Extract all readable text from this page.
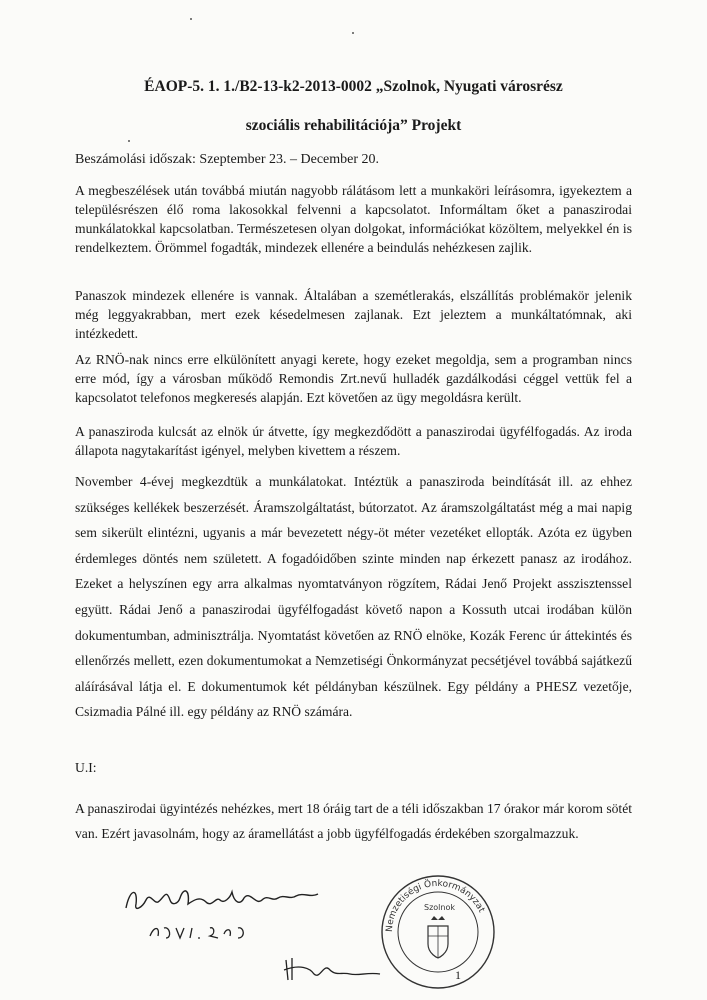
ÉAOP-5. 1. 1./B2-13-k2-2013-0002 „Szolnok, Nyugati városrész

szociális rehabilitációja” Projekt

Beszámolási időszak: Szeptember 23. – December 20.

A megbeszélések után továbbá miután nagyobb rálátásom lett a munkaköri leírásomra, igyekeztem a településrészen élő roma lakosokkal felvenni a kapcsolatot. Informáltam őket a panaszirodai munkálatokkal kapcsolatban. Természetesen olyan dolgokat, információkat közöltem, melyekkel én is rendelkeztem. Örömmel fogadták, mindezek ellenére a beindulás nehézkesen zajlik.

Panaszok mindezek ellenére is vannak. Általában a szemétlerakás, elszállítás problémakör jelenik még leggyakrabban, mert ezek késedelmesen zajlanak. Ezt jeleztem a munkáltatómnak, aki intézkedett.

Az RNÖ-nak nincs erre elkülönített anyagi kerete, hogy ezeket megoldja, sem a programban nincs erre mód, így a városban működő Remondis Zrt.nevű hulladék gazdálkodási céggel vettük fel a kapcsolatot telefonos megkeresés alapján. Ezt követően az ügy megoldásra került.

A panasziroda kulcsát az elnök úr átvette, így megkezdődött a panaszirodai ügyfélfogadás. Az iroda állapota nagytakarítást igényel, melyben kivettem a részem.

November 4-évej megkezdtük a munkálatokat. Intéztük a panasziroda beindítását ill. az ehhez szükséges kellékek beszerzését. Áramszolgáltatást, bútorzatot. Az áramszolgáltatást még a mai napig sem sikerült elintézni, ugyanis a már bevezetett négy-öt méter vezetéket ellopták. Azóta ez ügyben érdemleges döntés nem született. A fogadóidőben szinte minden nap érkezett panasz az irodához. Ezeket a helyszínen egy arra alkalmas nyomtatványon rögzítem, Rádai Jenő Projekt asszisztenssel együtt. Rádai Jenő a panaszirodai ügyfélfogadást követő napon a Kossuth utcai irodában külön dokumentumban, adminisztrálja. Nyomtatást követően az RNÖ elnöke, Kozák Ferenc úr áttekintés és ellenőrzés mellett, ezen dokumentumokat a Nemzetiségi Önkormányzat pecsétjével továbbá sajátkezű aláírásával látja el. E dokumentumok két példányban készülnek. Egy példány a PHESZ vezetője, Csizmadia Pálné ill. egy példány az RNÖ számára.

U.I:

A panaszirodai ügyintézés nehézkes, mert 18 óráig tart de a téli időszakban 17 órakor már korom sötét van. Ezért javasolnám, hogy az áramellátást a jobb ügyfélfogadás érdekében szorgalmazzuk.

Nemzetiségi Önkormányzat
Szolnok
1
